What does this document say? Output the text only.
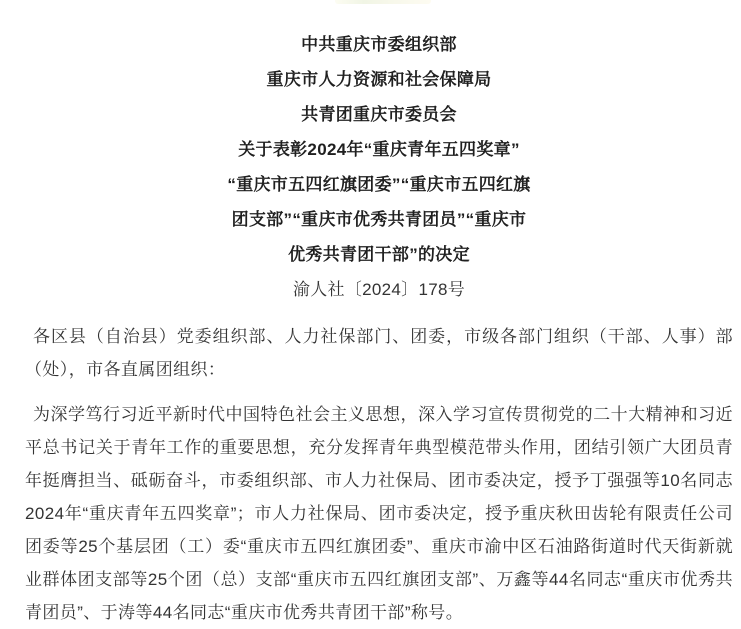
中共重庆市委组织部
重庆市人力资源和社会保障局
共青团重庆市委员会
关于表彰2024年“重庆青年五四奖章”
“重庆市五四红旗团委”“重庆市五四红旗
团支部”“重庆市优秀共青团员”“重庆市
优秀共青团干部”的决定

渝人社〔2024〕178号

各区县（自治县）党委组织部、人力社保部门、团委，市级各部门组织（干部、人事）部（处），市各直属团组织：

为深学笃行习近平新时代中国特色社会主义思想，深入学习宣传贯彻党的二十大精神和习近平总书记关于青年工作的重要思想，充分发挥青年典型模范带头作用，团结引领广大团员青年挺膺担当、砥砺奋斗，市委组织部、市人力社保局、团市委决定，授予丁强强等10名同志2024年“重庆青年五四奖章”；市人力社保局、团市委决定，授予重庆秋田齿轮有限责任公司团委等25个基层团（工）委“重庆市五四红旗团委”、重庆市渝中区石油路街道时代天街新就业群体团支部等25个团（总）支部“重庆市五四红旗团支部”、万鑫等44名同志“重庆市优秀共青团员”、于涛等44名同志“重庆市优秀共青团干部”称号。
